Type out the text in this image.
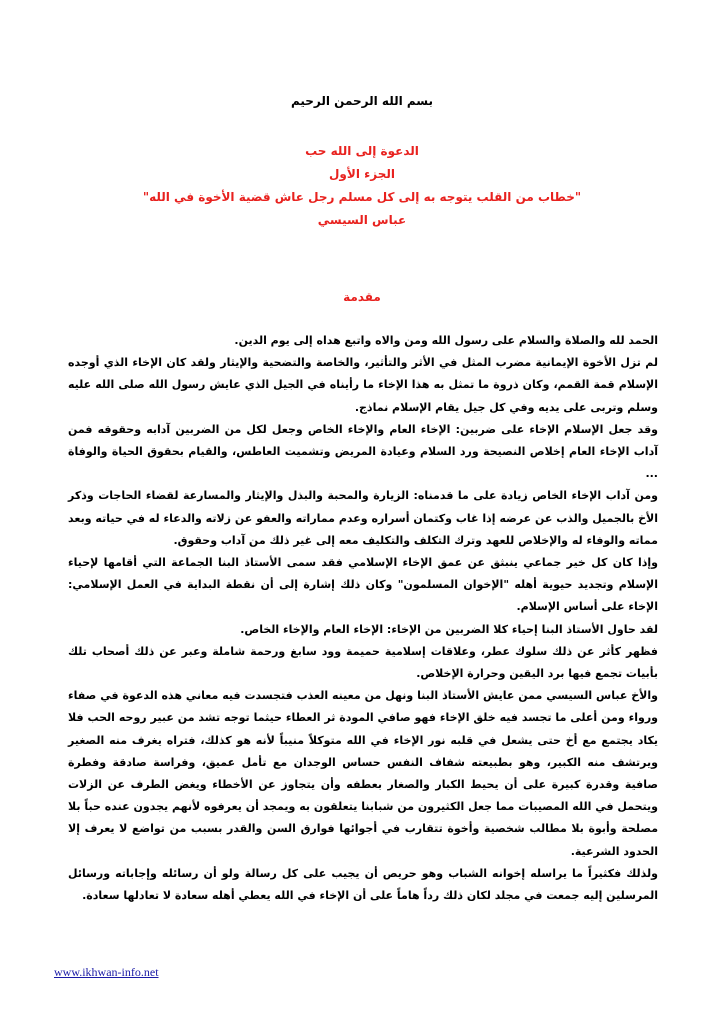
بسم الله الرحمن الرحيم
الدعوة إلى الله حب
الجزء الأول
"خطاب من القلب يتوجه به إلى كل مسلم رجل عاش قضية الأخوة في الله"
عباس السيسي
مقدمة

الحمد لله والصلاة والسلام على رسول الله ومن والاه واتبع هداه إلى يوم الدين.

لم تزل الأخوة الإيمانية مضرب المثل في الأثر والتأثير، والخاصة والتضحية والإيثار ولقد كان الإخاء الذي أوجده الإسلام قمة القمم، وكان ذروة ما تمثل به هذا الإخاء ما رأيناه في الجيل الذي عايش رسول الله صلى الله عليه وسلم وتربى على يديه وفي كل جيل يقام الإسلام نماذج.

وقد جعل الإسلام الإخاء على ضربين: الإخاء العام والإخاء الخاص وجعل لكل من الضربين آدابه وحقوقه فمن آداب الإخاء العام إخلاص النصيحة ورد السلام وعيادة المريض وتشميت العاطس، والقيام بحقوق الحياة والوفاة ...

ومن آداب الإخاء الخاص زيادة على ما قدمناه: الزيارة والمحبة والبذل والإيثار والمسارعة لقضاء الحاجات وذكر الأخ بالجميل والذب عن عرضه إذا غاب وكتمان أسراره وعدم مماراته والعفو عن زلاته والدعاء له في حياته وبعد مماته والوفاء له والإخلاص للعهد وترك التكلف والتكليف معه إلى غير ذلك من آداب وحقوق.

وإذا كان كل خير جماعي ينبثق عن عمق الإخاء الإسلامي فقد سمى الأستاذ البنا الجماعة التي أقامها لإحياء الإسلام وتجديد حيوية أهله "الإخوان المسلمون" وكان ذلك إشارة إلى أن نقطة البداية في العمل الإسلامي: الإخاء على أساس الإسلام.

لقد حاول الأستاذ البنا إحياء كلا الضربين من الإخاء: الإخاء العام والإخاء الخاص.

فظهر كأثر عن ذلك سلوك عطر، وعلاقات إسلامية حميمة وود سابغ ورحمة شاملة وعبر عن ذلك أصحاب تلك بأبيات تجمع فيها برد اليقين وحرارة الإخلاص.

والأخ عباس السيسي ممن عايش الأستاذ البنا ونهل من معينه العذب فتجسدت فيه معاني هذه الدعوة في صفاء ورواء ومن أعلى ما تجسد فيه خلق الإخاء فهو صافي المودة ثر العطاء حيثما توجه تشد من عبير روحه الحب فلا يكاد يجتمع مع أخ حتى يشعل في قلبه نور الإخاء في الله متوكلاً منيباً لأنه هو كذلك، فتراه يغرف منه الصغير ويرتشف منه الكبير، وهو بطبيعته شفاف النفس حساس الوجدان مع تأمل عميق، وفراسة صادقة وفطرة صافية وقدرة كبيرة على أن يحيط الكبار والصغار بعطفه وأن يتجاوز عن الأخطاء ويغض الطرف عن الزلات ويتحمل في الله المصيبات مما جعل الكثيرون من شبابنا يتعلقون به ويمجد أن يعرفوه لأنهم يجدون عنده حباً بلا مصلحة وأبوة بلا مطالب شخصية وأخوة تتقارب في أجوائها فوارق السن والقدر بسبب من تواضع لا يعرف إلا الحدود الشرعية.

ولذلك فكثيراً ما يراسله إخوانه الشباب وهو حريص أن يجيب على كل رسالة ولو أن رسائله وإجاباته ورسائل المرسلين إليه جمعت في مجلد لكان ذلك رداً هاماً على أن الإخاء في الله يعطي أهله سعادة لا تعادلها سعادة.

www.ikhwan-info.net
